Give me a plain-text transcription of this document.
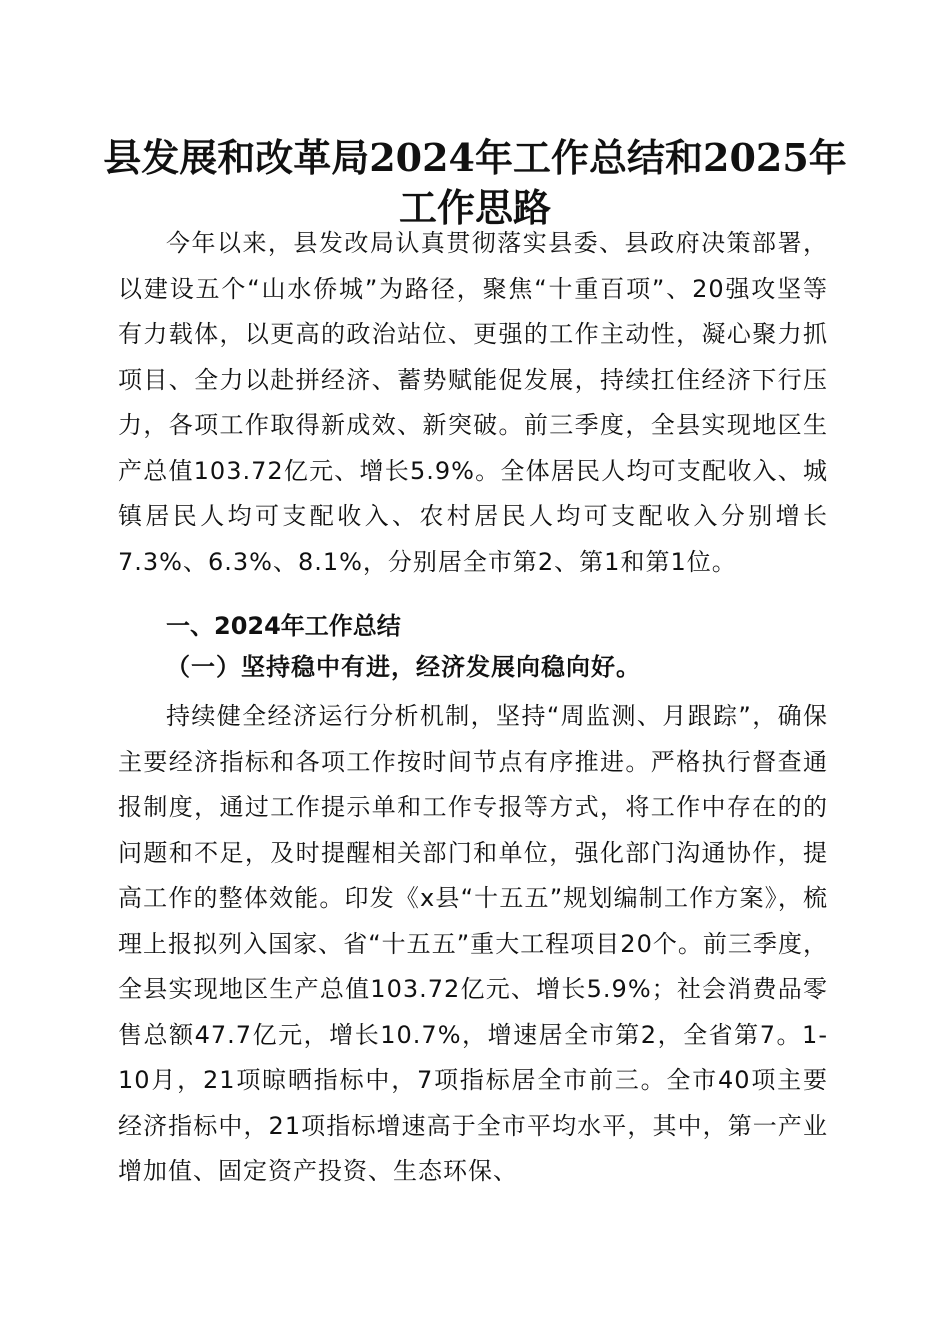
县发展和改革局2024年工作总结和2025年工作思路

今年以来，县发改局认真贯彻落实县委、县政府决策部署，以建设五个“山水侨城”为路径，聚焦“十重百项”、20强攻坚等有力载体，以更高的政治站位、更强的工作主动性，凝心聚力抓项目、全力以赴拼经济、蓄势赋能促发展，持续扛住经济下行压力，各项工作取得新成效、新突破。前三季度，全县实现地区生产总值103.72亿元、增长5.9%。全体居民人均可支配收入、城镇居民人均可支配收入、农村居民人均可支配收入分别增长7.3%、6.3%、8.1%，分别居全市第2、第1和第1位。

一、2024年工作总结
（一）坚持稳中有进，经济发展向稳向好。

持续健全经济运行分析机制，坚持“周监测、月跟踪”，确保主要经济指标和各项工作按时间节点有序推进。严格执行督查通报制度，通过工作提示单和工作专报等方式，将工作中存在的的问题和不足，及时提醒相关部门和单位，强化部门沟通协作，提高工作的整体效能。印发《x县“十五五”规划编制工作方案》，梳理上报拟列入国家、省“十五五”重大工程项目20个。前三季度，全县实现地区生产总值103.72亿元、增长5.9%；社会消费品零售总额47.7亿元，增长10.7%，增速居全市第2，全省第7。1-10月，21项晾晒指标中，7项指标居全市前三。全市40项主要经济指标中，21项指标增速高于全市平均水平，其中，第一产业增加值、固定资产投资、生态环保、
